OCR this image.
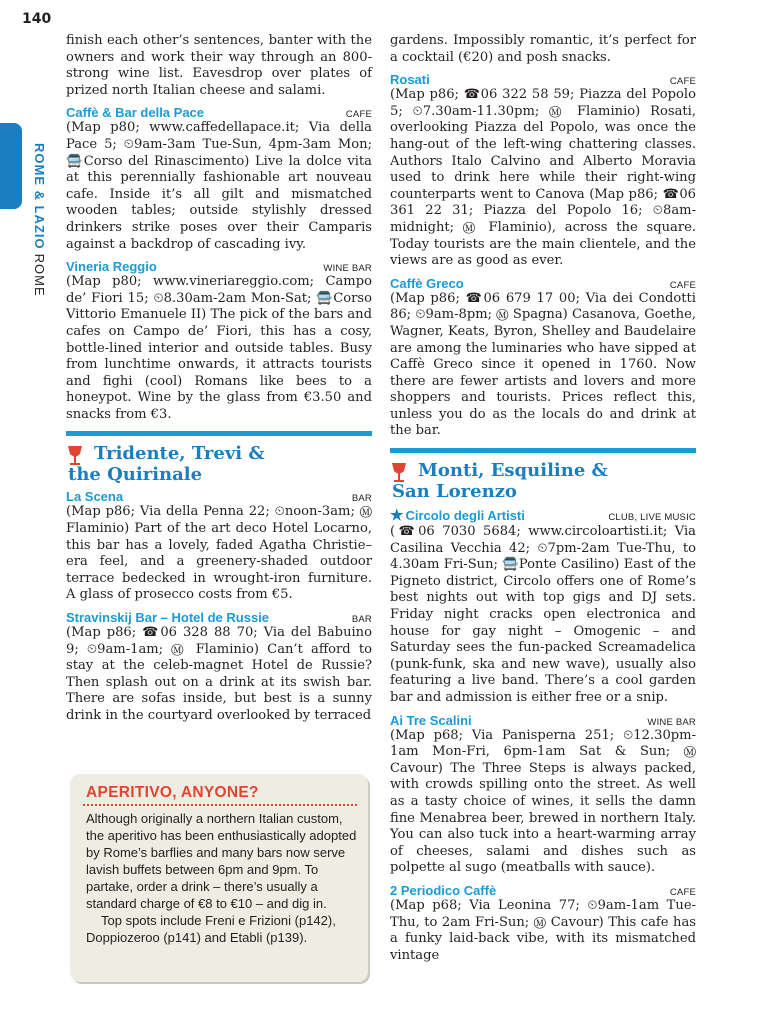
140
ROME & LAZIOROME

finish each other’s sentences, banter with the owners and work their way through an 800-strong wine list. Eavesdrop over plates of prized north Italian cheese and salami.

Caffè & Bar della Pace	CAFE

(Map p80; www.caffedellapace.it; Via della Pace 5; ⏲9am-3am Tue-Sun, 4pm-3am Mon; 🚍Corso del Rinascimento) Live la dolce vita at this perennially fashionable art nouveau cafe. Inside it’s all gilt and mismatched wooden tables; outside stylishly dressed drinkers strike poses over their Camparis against a backdrop of cascading ivy.

Vineria Reggio	WINE BAR

(Map p80; www.vineriareggio.com; Campo de’ Fiori 15; ⏲8.30am-2am Mon-Sat; 🚍Corso Vittorio Emanuele II) The pick of the bars and cafes on Campo de’ Fiori, this has a cosy, bottle-lined interior and outside tables. Busy from lunchtime onwards, it attracts tourists and fighi (cool) Romans like bees to a honeypot. Wine by the glass from €3.50 and snacks from €3.

Tridente, Trevi &
the Quirinale
La Scena	BAR

(Map p86; Via della Penna 22; ⏲noon-3am; Ⓜ Flaminio) Part of the art deco Hotel Locarno, this bar has a lovely, faded Agatha Christie–era feel, and a greenery-shaded outdoor terrace bedecked in wrought-iron furniture. A glass of prosecco costs from €5.

Stravinskij Bar – Hotel de Russie	BAR

(Map p86; ☎06 328 88 70; Via del Babuino 9; ⏲9am-1am; Ⓜ Flaminio) Can’t afford to stay at the celeb-magnet Hotel de Russie? Then splash out on a drink at its swish bar. There are sofas inside, but best is a sunny drink in the courtyard overlooked by terraced

APERITIVO, ANYONE?

Although originally a northern Italian custom, the aperitivo has been enthusiastically adopted by Rome’s barflies and many bars now serve lavish buffets between 6pm and 9pm. To partake, order a drink – there’s usually a standard charge of €8 to €10 – and dig in.

Top spots include Freni e Frizioni (p142), Doppiozeroo (p141) and Etabli (p139).

gardens. Impossibly romantic, it’s perfect for a cocktail (€20) and posh snacks.

Rosati	CAFE

(Map p86; ☎06 322 58 59; Piazza del Popolo 5; ⏲7.30am-11.30pm; Ⓜ Flaminio) Rosati, overlooking Piazza del Popolo, was once the hang-out of the left-wing chattering classes. Authors Italo Calvino and Alberto Moravia used to drink here while their right-wing counterparts went to Canova (Map p86; ☎06 361 22 31; Piazza del Popolo 16; ⏲8am-midnight; Ⓜ Flaminio), across the square. Today tourists are the main clientele, and the views are as good as ever.

Caffè Greco	CAFE

(Map p86; ☎06 679 17 00; Via dei Condotti 86; ⏲9am-8pm; Ⓜ Spagna) Casanova, Goethe, Wagner, Keats, Byron, Shelley and Baudelaire are among the luminaries who have sipped at Caffè Greco since it opened in 1760. Now there are fewer artists and lovers and more shoppers and tourists. Prices reflect this, unless you do as the locals do and drink at the bar.

Monti, Esquiline &
San Lorenzo
★ Circolo degli Artisti	CLUB, LIVE MUSIC

(☎06 7030 5684; www.circoloartisti.it; Via Casilina Vecchia 42; ⏲7pm-2am Tue-Thu, to 4.30am Fri-Sun; 🚍Ponte Casilino) East of the Pigneto district, Circolo offers one of Rome’s best nights out with top gigs and DJ sets. Friday night cracks open electronica and house for gay night – Omogenic – and Saturday sees the fun-packed Screamadelica (punk-funk, ska and new wave), usually also featuring a live band. There’s a cool garden bar and admission is either free or a snip.

Ai Tre Scalini	WINE BAR

(Map p68; Via Panisperna 251; ⏲12.30pm-1am Mon-Fri, 6pm-1am Sat & Sun; Ⓜ Cavour) The Three Steps is always packed, with crowds spilling onto the street. As well as a tasty choice of wines, it sells the damn fine Menabrea beer, brewed in northern Italy. You can also tuck into a heart-warming array of cheeses, salami and dishes such as polpette al sugo (meatballs with sauce).

2 Periodico Caffè	CAFE

(Map p68; Via Leonina 77; ⏲9am-1am Tue-Thu, to 2am Fri-Sun; Ⓜ Cavour) This cafe has a funky laid-back vibe, with its mismatched vintage
